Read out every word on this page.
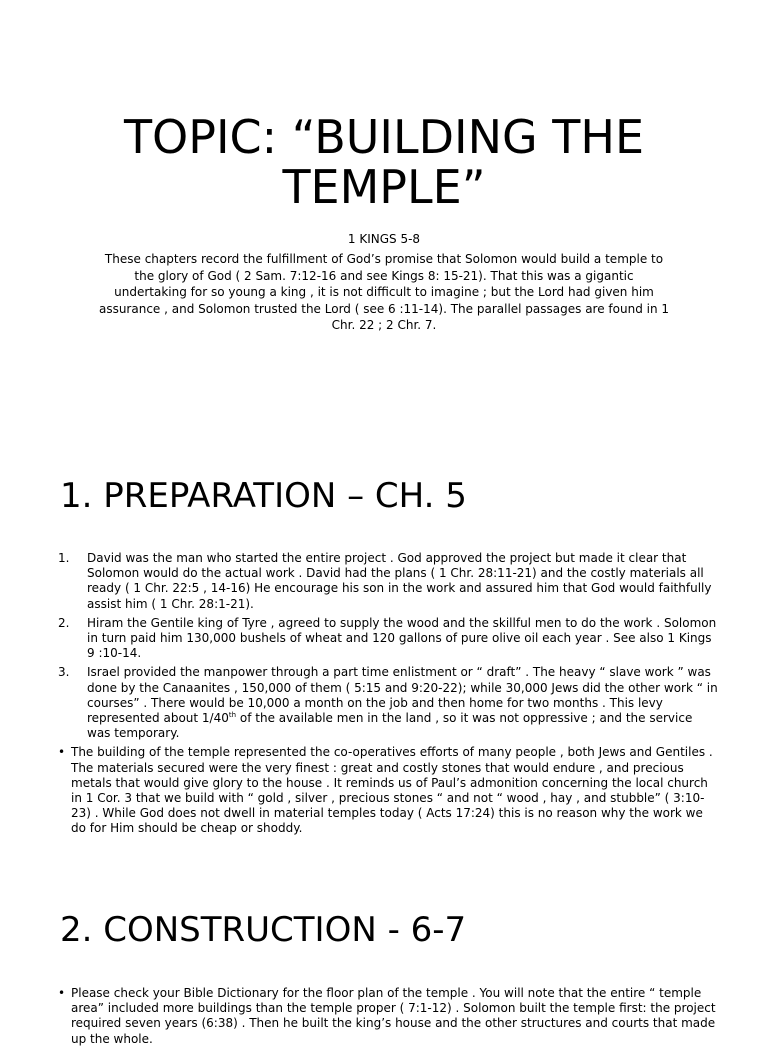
TOPIC: “BUILDING THE TEMPLE”
1 KINGS 5-8

These chapters record the fulfillment of God’s promise that Solomon would build a temple to the glory of God ( 2 Sam. 7:12-16 and see Kings 8: 15-21). That this was a gigantic undertaking for so young a king , it is not difficult to imagine ; but the Lord had given him assurance , and Solomon trusted the Lord ( see 6 :11-14). The parallel passages are found in 1 Chr. 22 ; 2 Chr. 7.

1. PREPARATION – CH. 5
1. David was the man who started the entire project . God approved the project but made it clear that Solomon would do the actual work . David had the plans ( 1 Chr. 28:11-21) and the costly materials all ready ( 1 Chr. 22:5 , 14-16) He encourage his son in the work and assured him that God would faithfully assist him ( 1 Chr. 28:1-21).
2. Hiram the Gentile king of Tyre , agreed to supply the wood and the skillful men to do the work . Solomon in turn paid him 130,000 bushels of wheat and 120 gallons of pure olive oil each year . See also 1 Kings 9 :10-14.
3. Israel provided the manpower through a part time enlistment or “ draft” . The heavy “ slave work ” was done by the Canaanites , 150,000 of them ( 5:15 and 9:20-22); while 30,000 Jews did the other work “ in courses” . There would be 10,000 a month on the job and then home for two months . This levy represented about 1/40th of the available men in the land , so it was not oppressive ; and the service was temporary.
• The building of the temple represented the co-operatives efforts of many people , both Jews and Gentiles . The materials secured were the very finest : great and costly stones that would endure , and precious metals that would give glory to the house . It reminds us of Paul’s admonition concerning the local church in 1 Cor. 3 that we build with “ gold , silver , precious stones “ and not “ wood , hay , and stubble” ( 3:10-23) . While God does not dwell in material temples today ( Acts 17:24) this is no reason why the work we do for Him should be cheap or shoddy.
2. CONSTRUCTION - 6-7
• Please check your Bible Dictionary for the floor plan of the temple . You will note that the entire “ temple area” included more buildings than the temple proper ( 7:1-12) . Solomon built the temple first: the project required seven years (6:38) . Then he built the king’s house and the other structures and courts that made up the whole.
